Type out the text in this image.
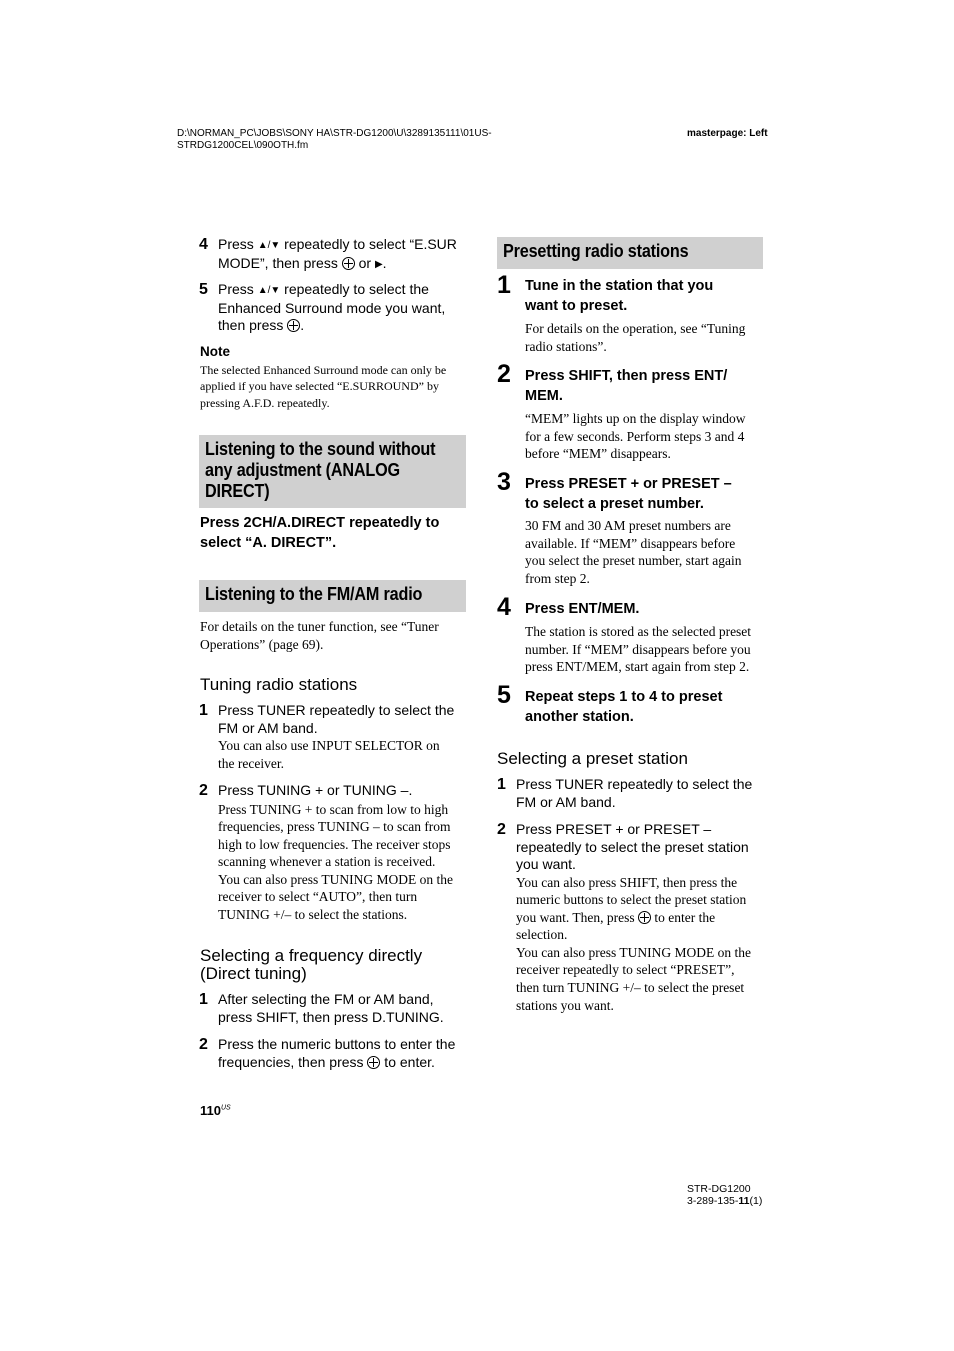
D:\NORMAN_PC\JOBS\SONY HA\STR-DG1200\U\3289135111\01US-
STRDG1200CEL\090OTH.fm
masterpage: Left
4 Press ▲/▼ repeatedly to select “E.SUR
MODE”, then press  or ▶.
5 Press ▲/▼ repeatedly to select the
Enhanced Surround mode you want,
then press .
Note
The selected Enhanced Surround mode can only be
applied if you have selected “E.SURROUND” by
pressing A.F.D. repeatedly.
Listening to the sound without
any adjustment (ANALOG
DIRECT)
Press 2CH/A.DIRECT repeatedly to
select “A. DIRECT”.
Listening to the FM/AM radio
For details on the tuner function, see “Tuner
Operations” (page 69).
Tuning radio stations
1 Press TUNER repeatedly to select the
FM or AM band.
You can also use INPUT SELECTOR on
the receiver.
2 Press TUNING + or TUNING –.
Press TUNING + to scan from low to high
frequencies, press TUNING – to scan from
high to low frequencies. The receiver stops
scanning whenever a station is received.
You can also press TUNING MODE on the
receiver to select “AUTO”, then turn
TUNING +/– to select the stations.
Selecting a frequency directly
(Direct tuning)
1 After selecting the FM or AM band,
press SHIFT, then press D.TUNING.
2 Press the numeric buttons to enter the
frequencies, then press  to enter.
$110^{US}$
Presetting radio stations
1 Tune in the station that you
want to preset.
For details on the operation, see “Tuning
radio stations”.
2 Press SHIFT, then press ENT/
MEM.
“MEM” lights up on the display window
for a few seconds. Perform steps 3 and 4
before “MEM” disappears.
3 Press PRESET + or PRESET –
to select a preset number.
30 FM and 30 AM preset numbers are
available. If “MEM” disappears before
you select the preset number, start again
from step 2.
4 Press ENT/MEM.
The station is stored as the selected preset
number. If “MEM” disappears before you
press ENT/MEM, start again from step 2.
5 Repeat steps 1 to 4 to preset
another station.
Selecting a preset station
1 Press TUNER repeatedly to select the
FM or AM band.
2 Press PRESET + or PRESET –
repeatedly to select the preset station
you want.
You can also press SHIFT, then press the
numeric buttons to select the preset station
you want. Then, press  to enter the
selection.
You can also press TUNING MODE on the
receiver repeatedly to select “PRESET”,
then turn TUNING +/– to select the preset
stations you want.
STR-DG1200
3-289-135-11(1)
